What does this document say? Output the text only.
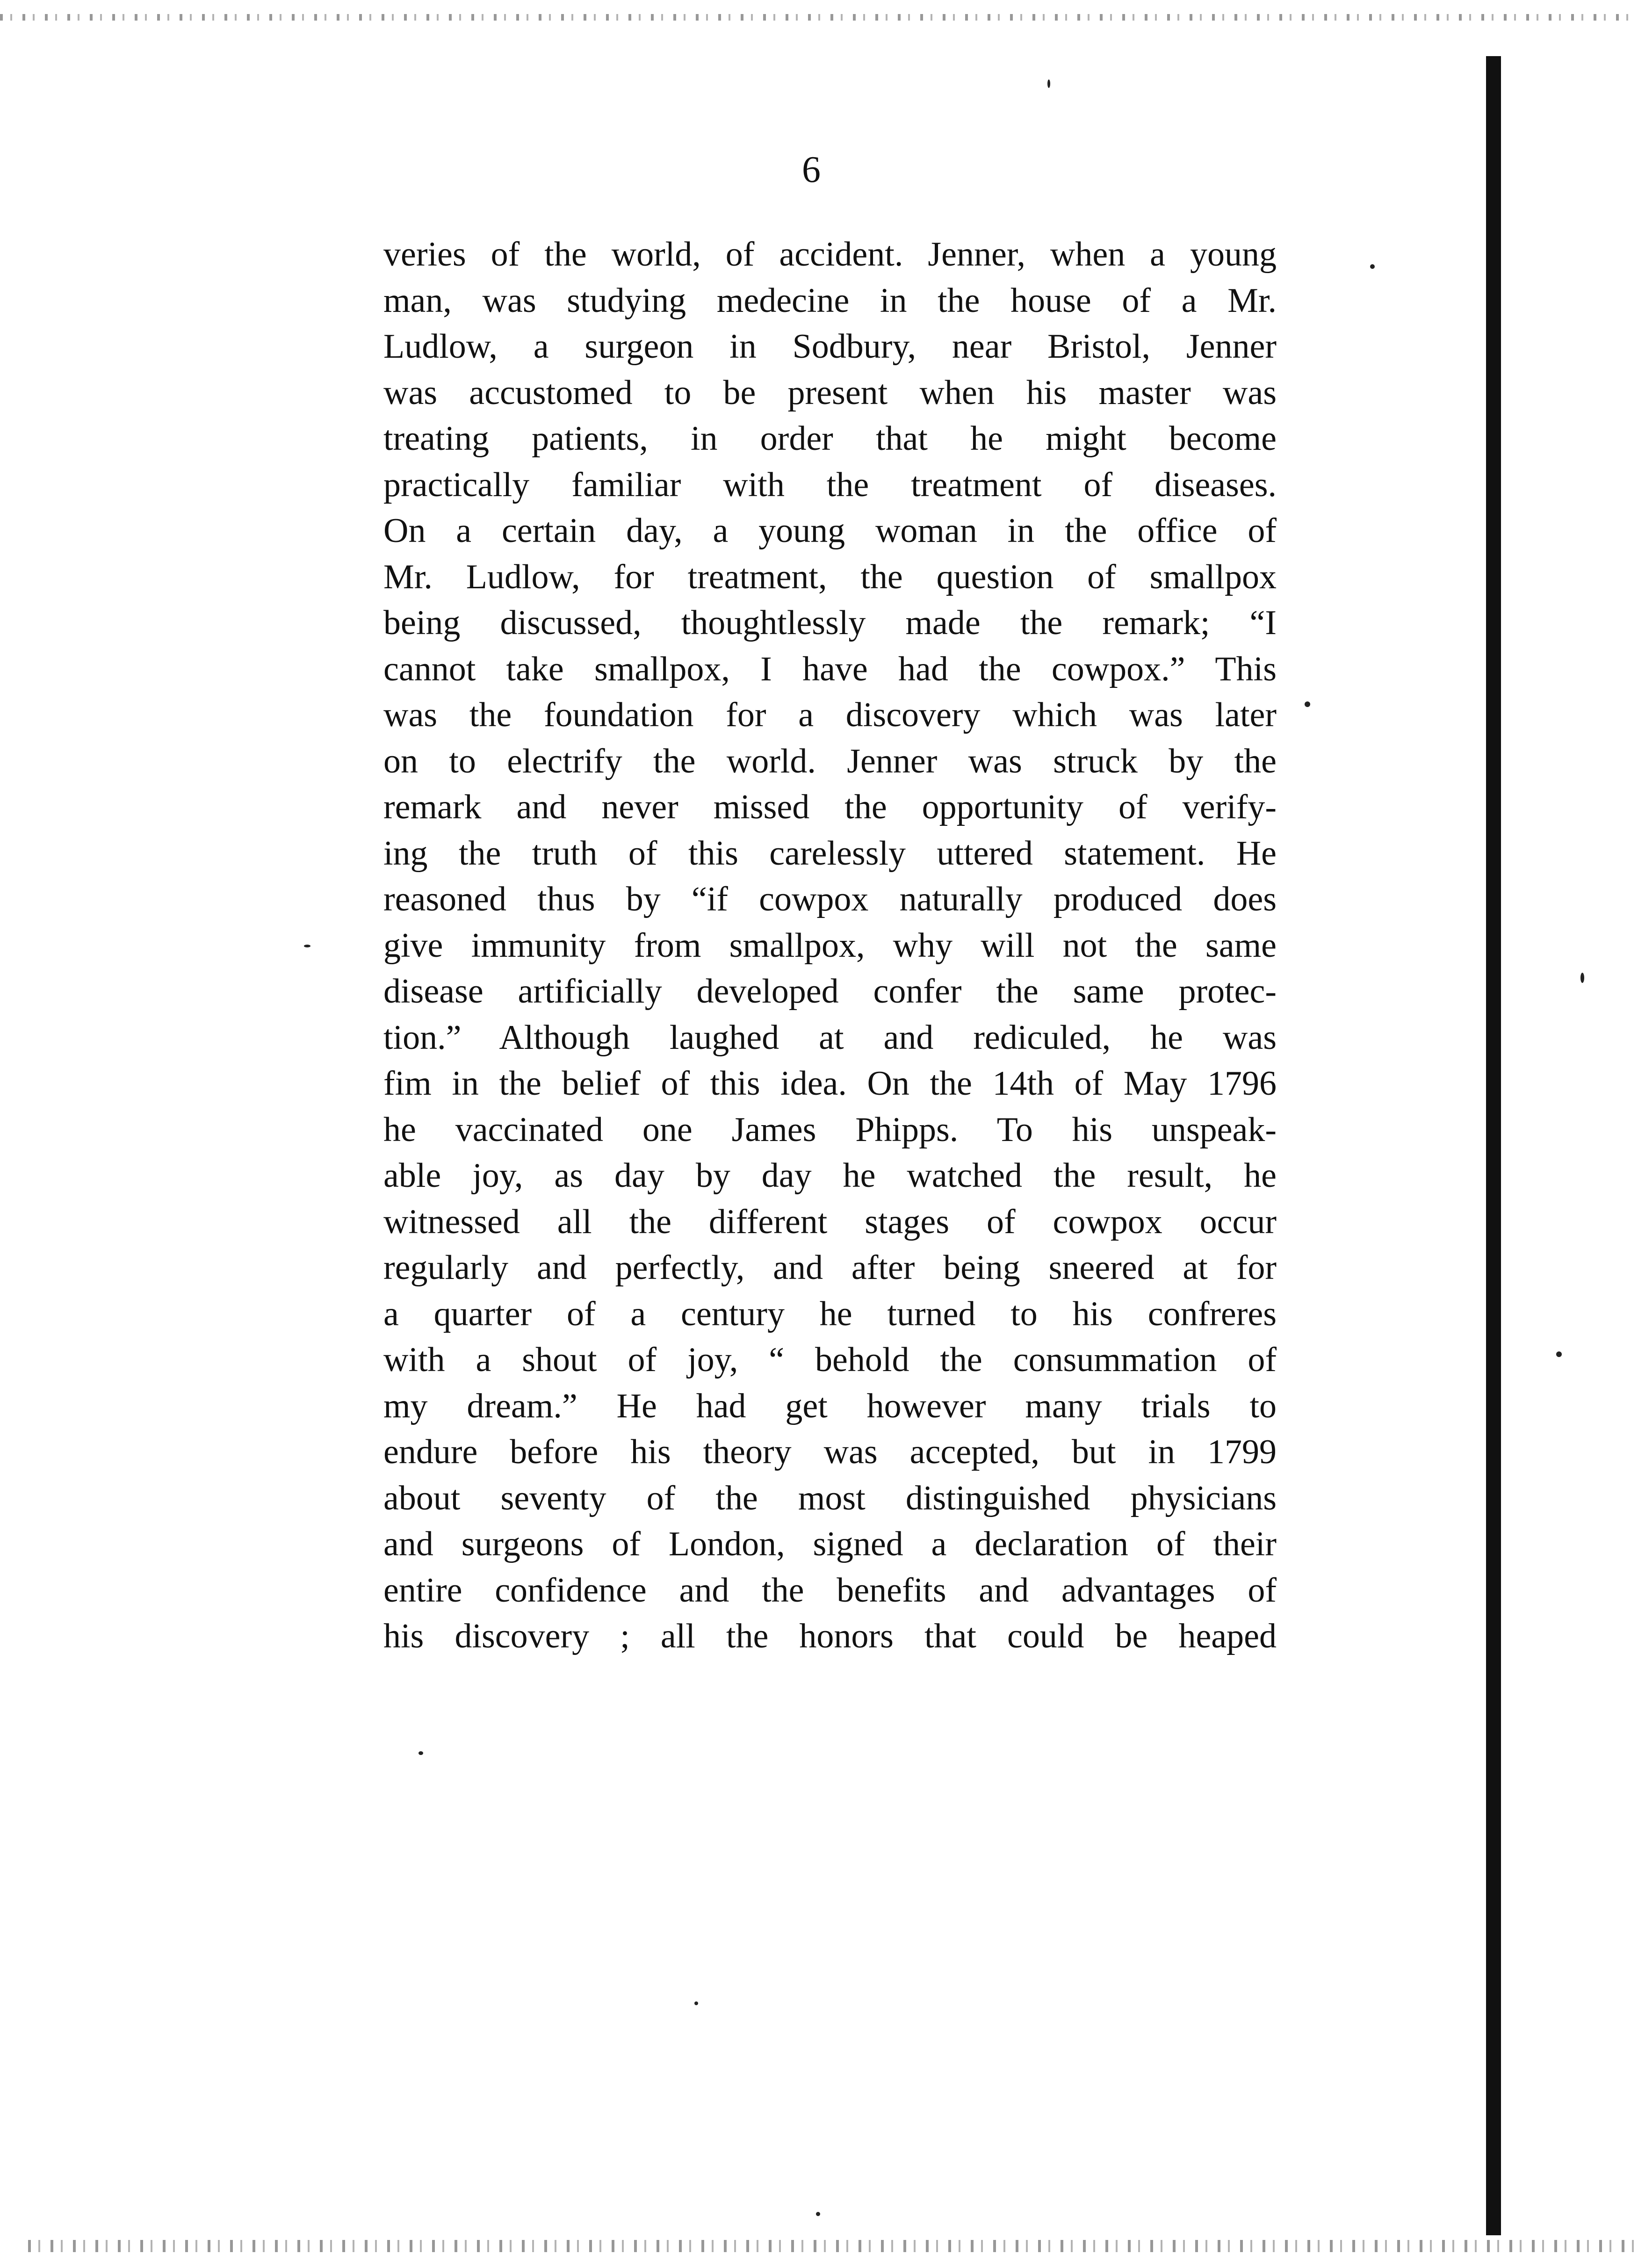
6
veries of the world, of accident. Jenner, when a young
man, was studying medecine in the house of a Mr.
Ludlow, a surgeon in Sodbury, near Bristol, Jenner
was accustomed to be present when his master was
treating patients, in order that he might become
practically familiar with the treatment of diseases.
On a certain day, a young woman in the office of
Mr. Ludlow, for treatment, the question of smallpox
being discussed, thoughtlessly made the remark; “I
cannot take smallpox, I have had the cowpox.” This
was the foundation for a discovery which was later
on to electrify the world. Jenner was struck by the
remark and never missed the opportunity of verify-
ing the truth of this carelessly uttered statement. He
reasoned thus by “if cowpox naturally produced does
give immunity from smallpox, why will not the same
disease artificially developed confer the same protec-
tion.” Although laughed at and rediculed, he was
fim in the belief of this idea. On the 14th of May 1796
he vaccinated one James Phipps. To his unspeak-
able joy, as day by day he watched the result, he
witnessed all the different stages of cowpox occur
regularly and perfectly, and after being sneered at for
a quarter of a century he turned to his confreres
with a shout of joy, “ behold the consummation of
my dream.” He had get however many trials to
endure before his theory was accepted, but in 1799
about seventy of the most distinguished physicians
and surgeons of London, signed a declaration of their
entire confidence and the benefits and advantages of
his discovery ; all the honors that could be heaped
